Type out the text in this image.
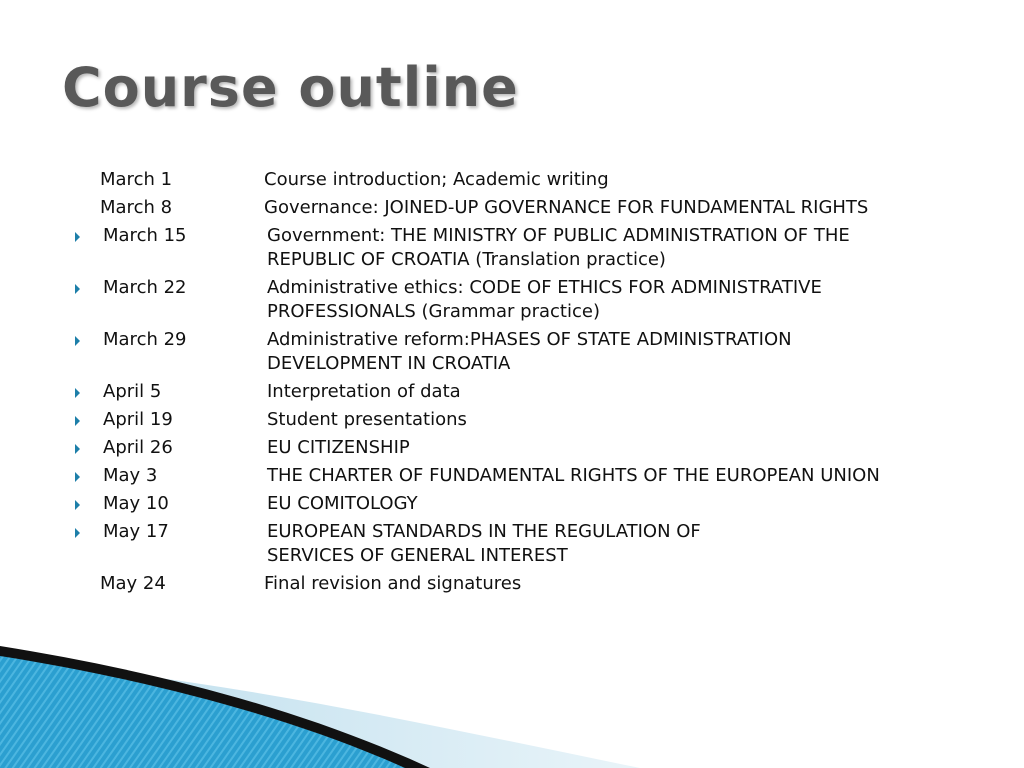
Course outline
March 1	Course introduction; Academic writing
March 8	Governance: JOINED-UP GOVERNANCE FOR FUNDAMENTAL RIGHTS
March 15	Government: THE MINISTRY OF PUBLIC ADMINISTRATION OF THE
REPUBLIC OF CROATIA (Translation practice)
March 22	Administrative ethics: CODE OF ETHICS FOR ADMINISTRATIVE
PROFESSIONALS (Grammar practice)
March 29	Administrative reform:PHASES OF STATE ADMINISTRATION
DEVELOPMENT IN CROATIA
April 5	Interpretation of data
April 19	Student presentations
April 26	EU CITIZENSHIP
May 3	THE CHARTER OF FUNDAMENTAL RIGHTS OF THE EUROPEAN UNION
May 10	EU COMITOLOGY
May 17	EUROPEAN STANDARDS IN THE REGULATION OF
SERVICES OF GENERAL INTEREST
May 24	Final revision and signatures
